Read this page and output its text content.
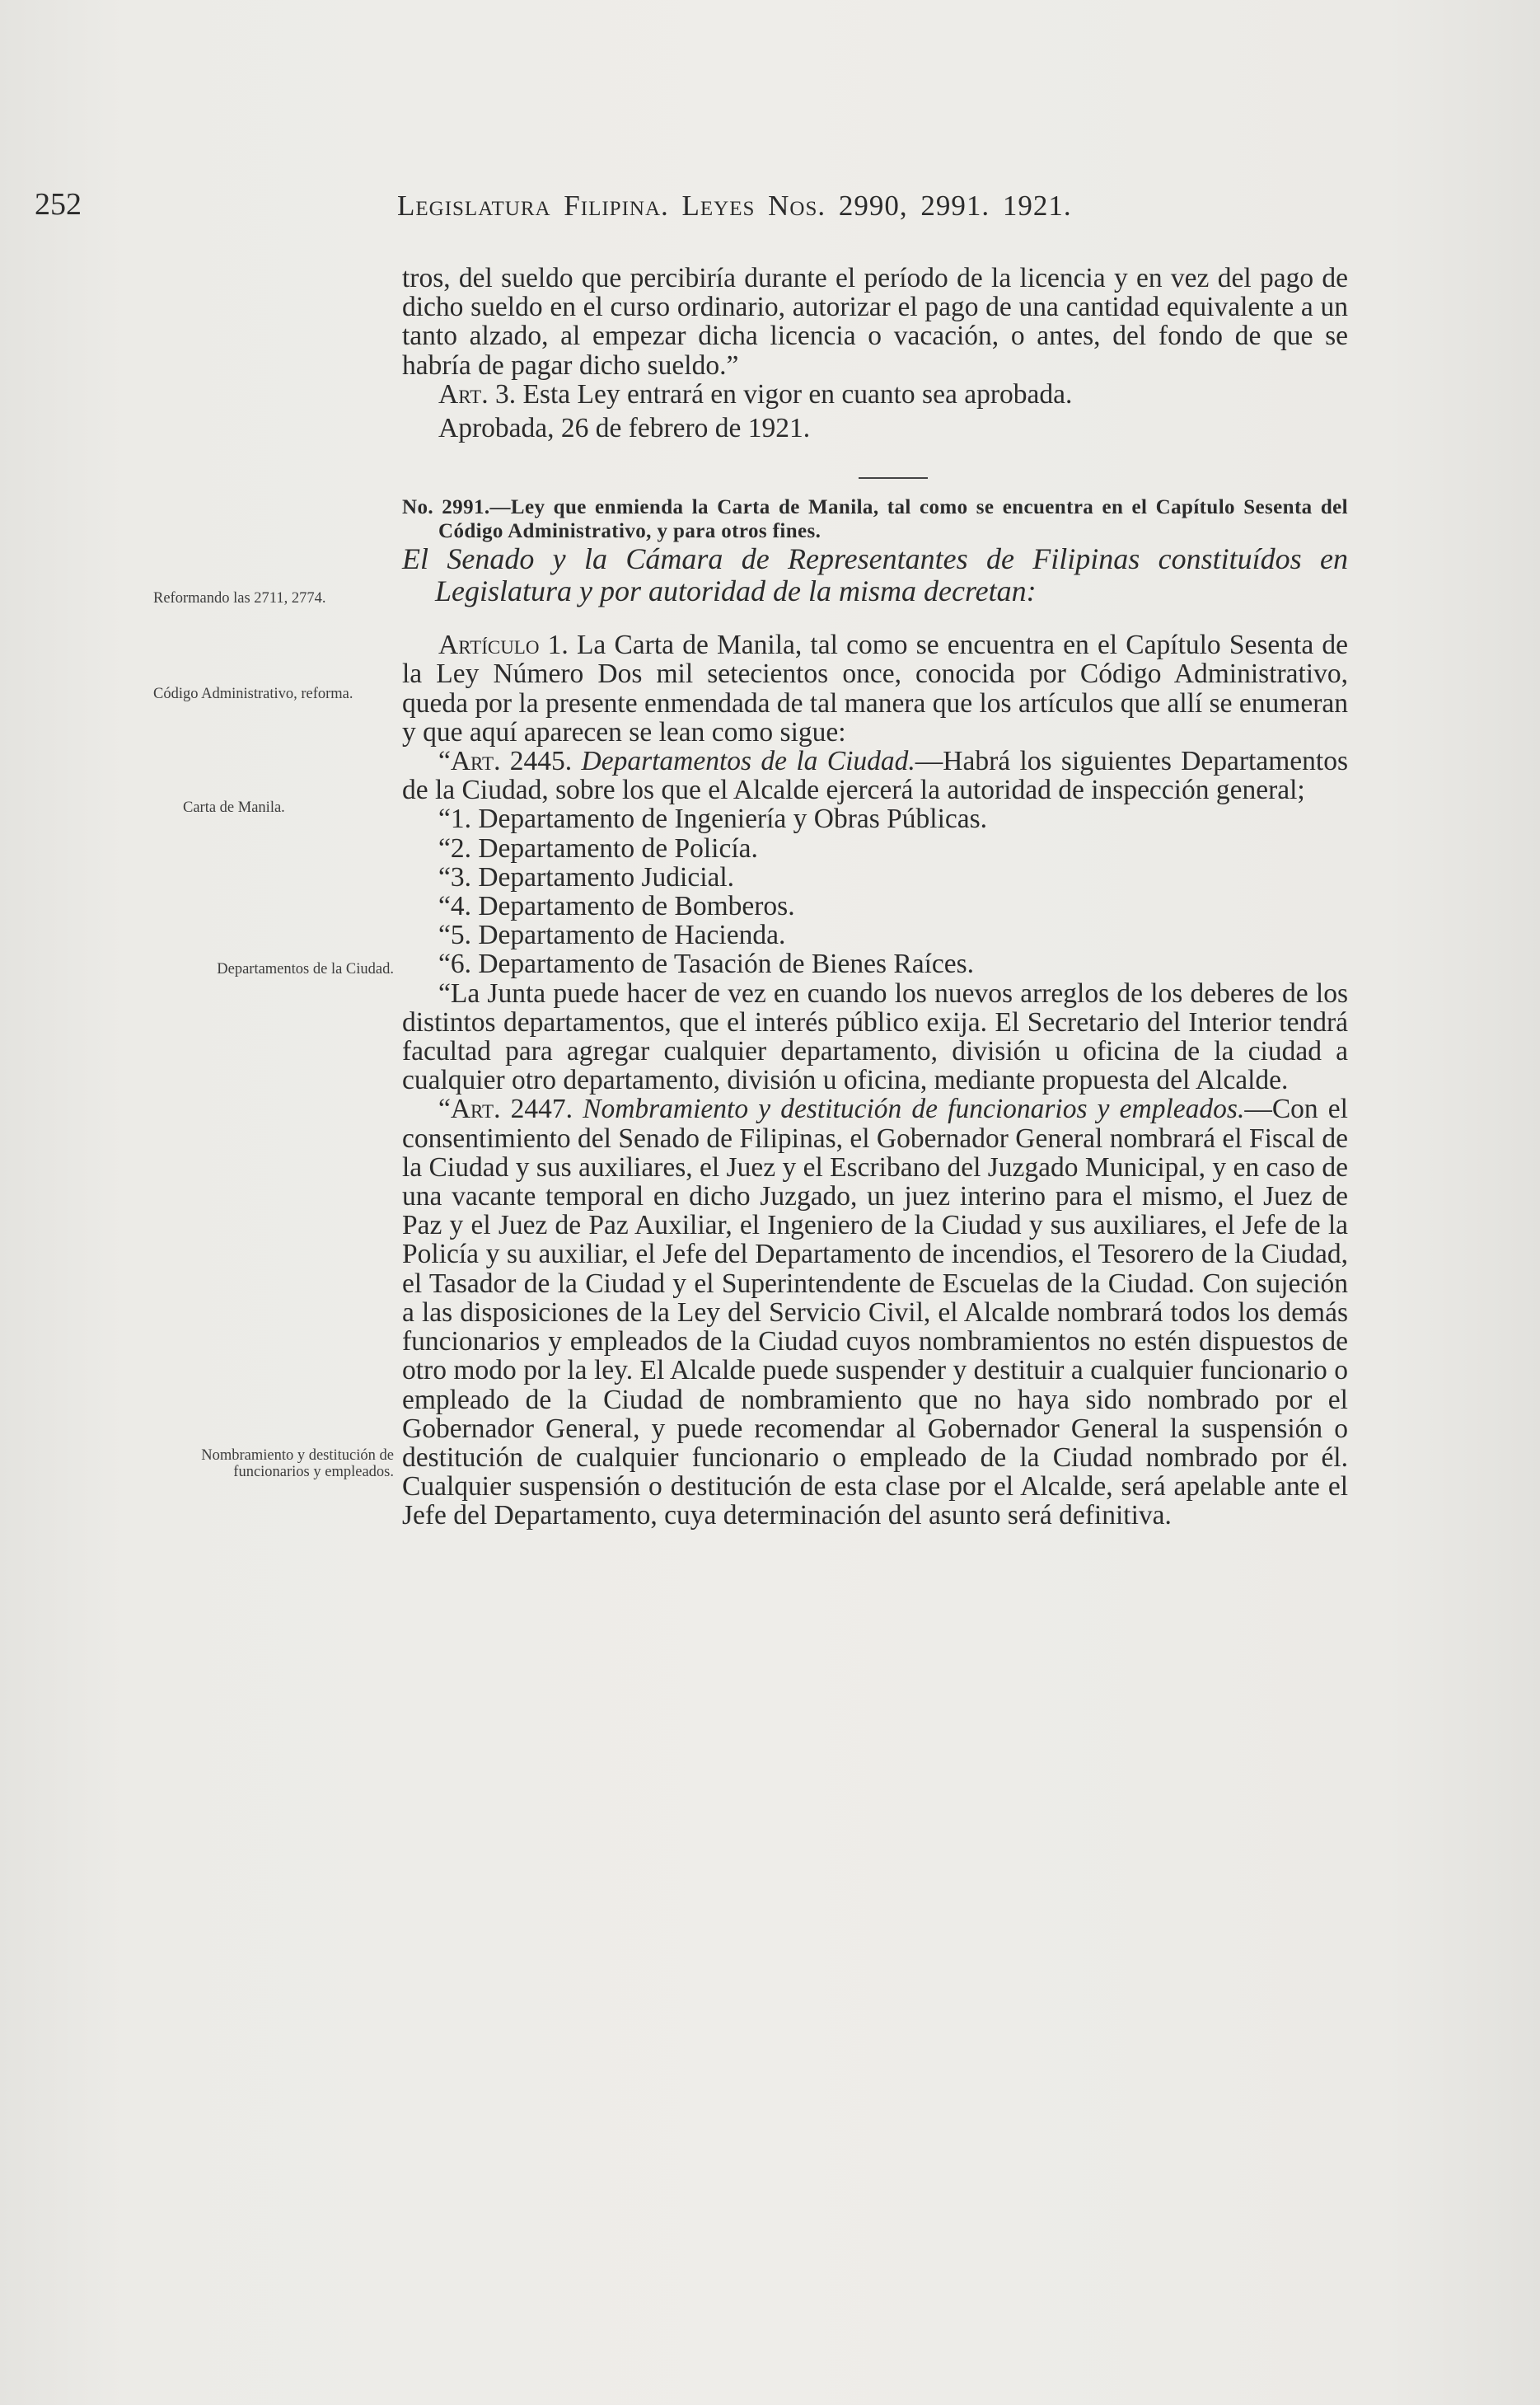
252	Legislatura Filipina. Leyes Nos. 2990, 2991. 1921.
Reformando las 2711, 2774.
Código Administrativo, reforma.
Carta de Manila.
Departamentos de la Ciudad.
Nombramiento y destitución de funcionarios y empleados.

tros, del sueldo que percibiría durante el período de la licencia y en vez del pago de dicho sueldo en el curso ordinario, autorizar el pago de una cantidad equivalente a un tanto alzado, al empezar dicha licencia o vacación, o antes, del fondo de que se habría de pagar dicho sueldo.”

Art. 3. Esta Ley entrará en vigor en cuanto sea aprobada.

Aprobada, 26 de febrero de 1921.

No. 2991.—Ley que enmienda la Carta de Manila, tal como se encuentra en el Capítulo Sesenta del Código Administrativo, y para otros fines.

El Senado y la Cámara de Representantes de Filipinas constituídos en Legislatura y por autoridad de la misma decretan:

Artículo 1. La Carta de Manila, tal como se encuentra en el Capítulo Sesenta de la Ley Número Dos mil setecientos once, conocida por Código Administrativo, queda por la presente enmendada de tal manera que los artículos que allí se enumeran y que aquí aparecen se lean como sigue:

“Art. 2445. Departamentos de la Ciudad.—Habrá los siguientes Departamentos de la Ciudad, sobre los que el Alcalde ejercerá la autoridad de inspección general;

“1. Departamento de Ingeniería y Obras Públicas.

“2. Departamento de Policía.

“3. Departamento Judicial.

“4. Departamento de Bomberos.

“5. Departamento de Hacienda.

“6. Departamento de Tasación de Bienes Raíces.

“La Junta puede hacer de vez en cuando los nuevos arreglos de los deberes de los distintos departamentos, que el interés público exija. El Secretario del Interior tendrá facultad para agregar cualquier departamento, división u oficina de la ciudad a cualquier otro departamento, división u oficina, mediante propuesta del Alcalde.

“Art. 2447. Nombramiento y destitución de funcionarios y empleados.—Con el consentimiento del Senado de Filipinas, el Gobernador General nombrará el Fiscal de la Ciudad y sus auxiliares, el Juez y el Escribano del Juzgado Municipal, y en caso de una vacante temporal en dicho Juzgado, un juez interino para el mismo, el Juez de Paz y el Juez de Paz Auxiliar, el Ingeniero de la Ciudad y sus auxiliares, el Jefe de la Policía y su auxiliar, el Jefe del Departamento de incendios, el Tesorero de la Ciudad, el Tasador de la Ciudad y el Superintendente de Escuelas de la Ciudad. Con sujeción a las disposiciones de la Ley del Servicio Civil, el Alcalde nombrará todos los demás funcionarios y empleados de la Ciudad cuyos nombramientos no estén dispuestos de otro modo por la ley. El Alcalde puede suspender y destituir a cualquier funcionario o empleado de la Ciudad de nombramiento que no haya sido nombrado por el Gobernador General, y puede recomendar al Gobernador General la suspensión o destitución de cualquier funcionario o empleado de la Ciudad nombrado por él. Cualquier suspensión o destitución de esta clase por el Alcalde, será apelable ante el Jefe del Departamento, cuya determinación del asunto será definitiva.
